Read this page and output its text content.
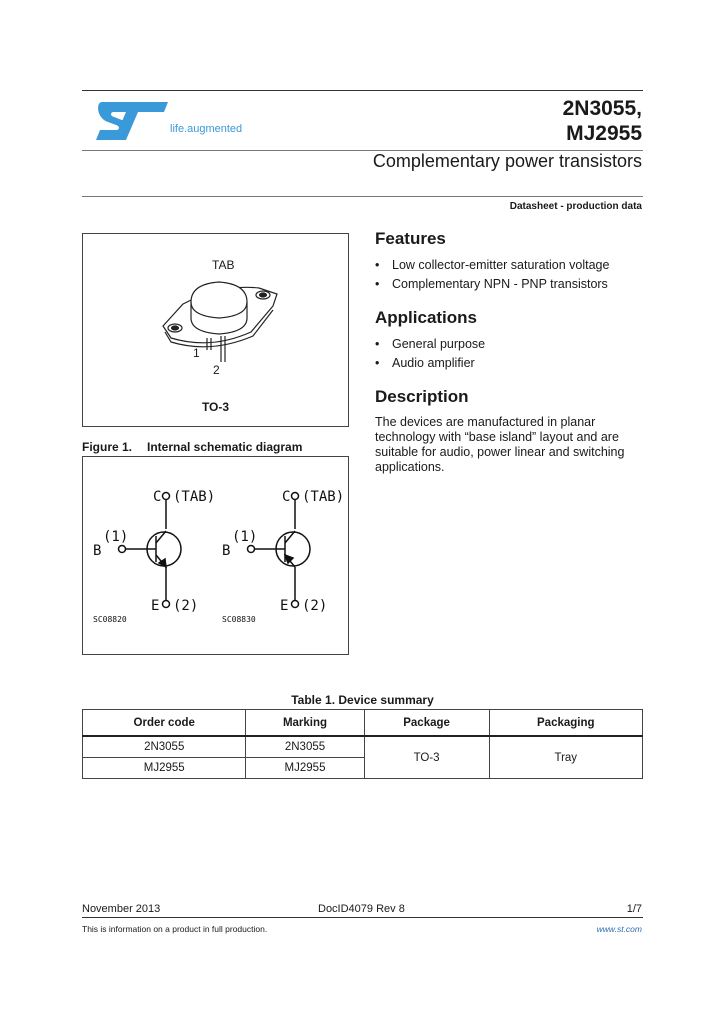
life.augmented
2N3055,
MJ2955
Complementary power transistors
Datasheet - production data
TAB
1
2
TO-3
Figure 1. Internal schematic diagram
C (TAB)
(1)
B
E (2)
SC08820
C (TAB)
(1)
B
E (2)
SC08830
Features
•	Low collector-emitter saturation voltage
•	Complementary NPN - PNP transistors
Applications
•	General purpose
•	Audio amplifier
Description
The devices are manufactured in planar technology with “base island” layout and are suitable for audio, power linear and switching applications.
Table 1. Device summary
Order code	Marking	Package	Packaging
2N3055	2N3055	TO-3	Tray
MJ2955	MJ2955		
November 2013	DocID4079 Rev 8	1/7
This is information on a product in full production.	www.st.com
